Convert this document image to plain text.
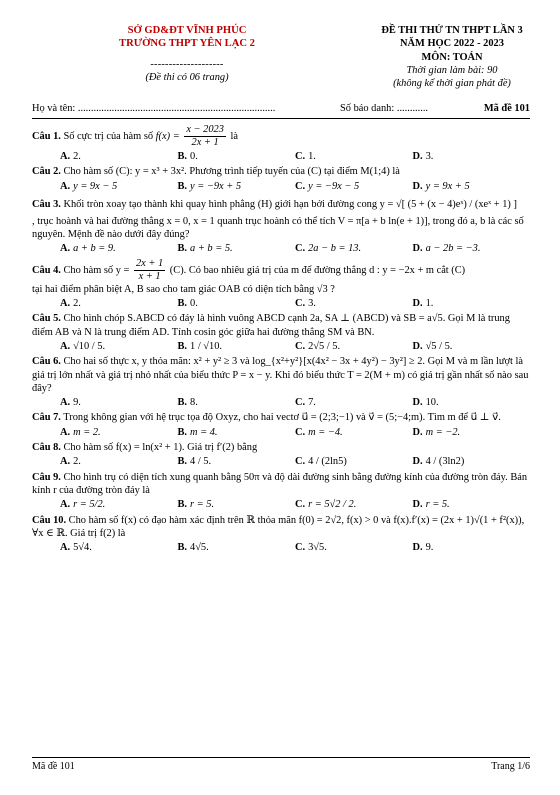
SỞ GD&ĐT VĨNH PHÚC
TRƯỜNG THPT YÊN LẠC 2
--------------------
(Đề thi có 06 trang)
ĐỀ THI THỬ TN THPT LẦN 3
NĂM HỌC 2022 - 2023
MÔN: TOÁN
Thời gian làm bài: 90
(không kể thời gian phát đề)
Họ và tên: ............................................................................	Số báo danh: ............	Mã đề 101
Câu 1. Số cực trị của hàm số $f(x) = \frac{x - 2023}{2x + 1}$ là
A. 2.	B. 0.	C. 1.	D. 3.
Câu 2. Cho hàm số (C): y = x³ + 3x². Phương trình tiếp tuyến của (C) tại điểm M(1;4) là
A. y = 9x − 5	B. y = −9x + 5	C. y = −9x − 5	D. y = 9x + 5
Câu 3. Khối tròn xoay tạo thành khi quay hình phẳng (H) giới hạn bởi đường cong y = √[ (5 + (x − 4)eˣ) / (xeˣ + 1) ]
, trục hoành và hai đường thẳng x = 0, x = 1 quanh trục hoành có thể tích V = π[a + b ln(e + 1)], trong đó a, b là các số nguyên. Mệnh đề nào dưới đây đúng?
A. a + b = 9.	B. a + b = 5.	C. 2a − b = 13.	D. a − 2b = −3.
Câu 4. Cho hàm số $y = \frac{2x + 1}{x + 1} (C)$. Có bao nhiêu giá trị của m để đường thẳng d : y = −2x + m cắt (C)
tại hai điểm phân biệt A, B sao cho tam giác OAB có diện tích bằng √3 ?
A. 2.	B. 0.	C. 3.	D. 1.
Câu 5. Cho hình chóp S.ABCD có đáy là hình vuông ABCD cạnh 2a, SA ⊥ (ABCD) và SB = a√5. Gọi M là trung điểm AB và N là trung điểm AD. Tính cosin góc giữa hai đường thẳng SM và BN.
A. √10 / 5.	B. 1 / √10.	C. 2√5 / 5.	D. √5 / 5.
Câu 6. Cho hai số thực x, y thỏa mãn: x² + y² ≥ 3 và log_{x²+y²}[x(4x² − 3x + 4y²) − 3y²] ≥ 2. Gọi M và m lần lượt là giá trị lớn nhất và giá trị nhỏ nhất của biểu thức P = x − y. Khi đó biểu thức T = 2(M + m) có giá trị gần nhất số nào sau đây?
A. 9.	B. 8.	C. 7.	D. 10.
Câu 7. Trong không gian với hệ trục tọa độ Oxyz, cho hai vectơ u⃗ = (2;3;−1) và v⃗ = (5;−4;m). Tìm m để u⃗ ⊥ v⃗.
A. m = 2.	B. m = 4.	C. m = −4.	D. m = −2.
Câu 8. Cho hàm số f(x) = ln(x² + 1). Giá trị f′(2) bằng
A. 2.	B. 4 / 5.	C. 4 / (2ln5)	D. 4 / (3ln2)
Câu 9. Cho hình trụ có diện tích xung quanh bằng 50π và độ dài đường sinh bằng đường kính của đường tròn đáy. Bán kính r của đường tròn đáy là
A. r = 5/2.	B. r = 5.	C. r = 5√2 / 2.	D. r = 5.
Câu 10. Cho hàm số f(x) có đạo hàm xác định trên ℝ thỏa mãn f(0) = 2√2, f(x) > 0 và f(x).f′(x) = (2x + 1)√(1 + f²(x)), ∀x ∈ ℝ. Giá trị f(2) là
A. 5√4.	B. 4√5.	C. 3√5.	D. 9.
Mã đề 101	Trang 1/6
